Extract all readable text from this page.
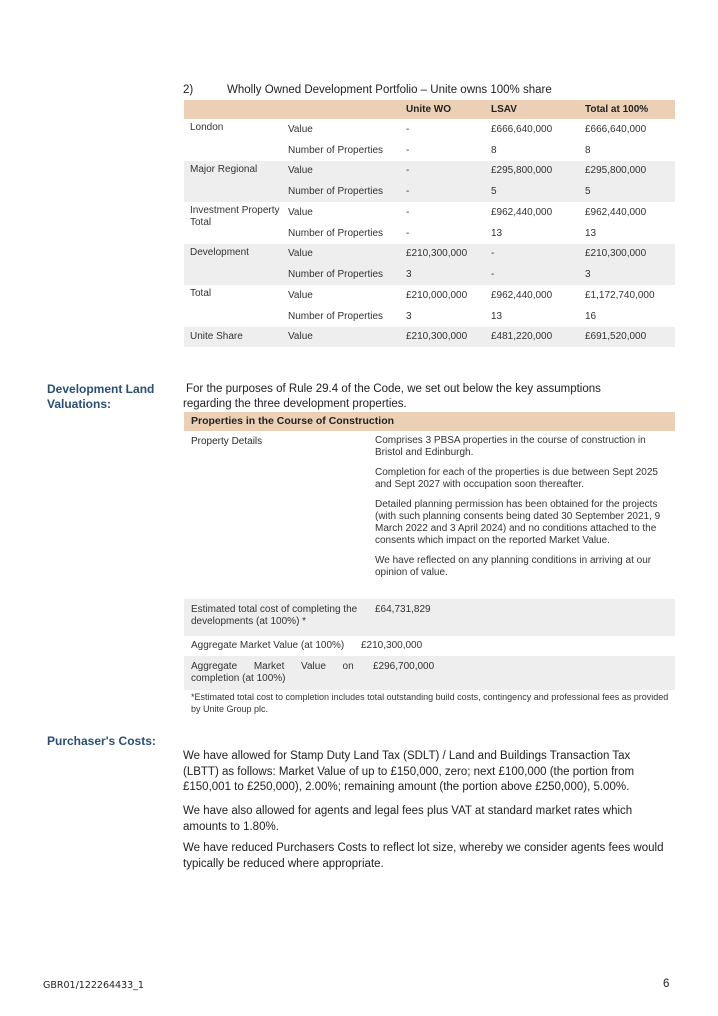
2)	Wholly Owned Development Portfolio – Unite owns 100% share
		Unite WO	LSAV	Total at 100%
London	Value	-	£666,640,000	£666,640,000
	Number of Properties	-	8	8
Major Regional	Value	-	£295,800,000	£295,800,000
	Number of Properties	-	5	5
Investment Property Total	Value	-	£962,440,000	£962,440,000
	Number of Properties	-	13	13
Development	Value	£210,300,000	-	£210,300,000
	Number of Properties	3	-	3
Total	Value	£210,000,000	£962,440,000	£1,172,740,000
	Number of Properties	3	13	16
Unite Share	Value	£210,300,000	£481,220,000	£691,520,000
Development Land
Valuations:
For the purposes of Rule 29.4 of the Code, we set out below the key assumptions
regarding the three development properties.
Properties in the Course of Construction
Property Details	Comprises 3 PBSA properties in the course of construction in Bristol and Edinburgh.

Completion for each of the properties is due between Sept 2025 and Sept 2027 with occupation soon thereafter.

Detailed planning permission has been obtained for the projects (with such planning consents being dated 30 September 2021, 9 March 2022 and 3 April 2024) and no conditions attached to the consents which impact on the reported Market Value.

We have reflected on any planning conditions in arriving at our opinion of value.

Estimated total cost of completing the
developments (at 100%) *
£64,731,829
Aggregate Market Value (at 100%) £210,300,000
Aggregate      Market      Value      on
completion (at 100%)
£296,700,000
*Estimated total cost to completion includes total outstanding build costs, contingency and professional fees as provided by Unite Group plc.
Purchaser's Costs:
We have allowed for Stamp Duty Land Tax (SDLT) / Land and Buildings Transaction Tax (LBTT) as follows: Market Value of up to £150,000, zero; next £100,000 (the portion from £150,001 to £250,000), 2.00%; remaining amount (the portion above £250,000), 5.00%.
We have also allowed for agents and legal fees plus VAT at standard market rates which amounts to 1.80%.
We have reduced Purchasers Costs to reflect lot size, whereby we consider agents fees would typically be reduced where appropriate.
GBR01/122264433_1	6
